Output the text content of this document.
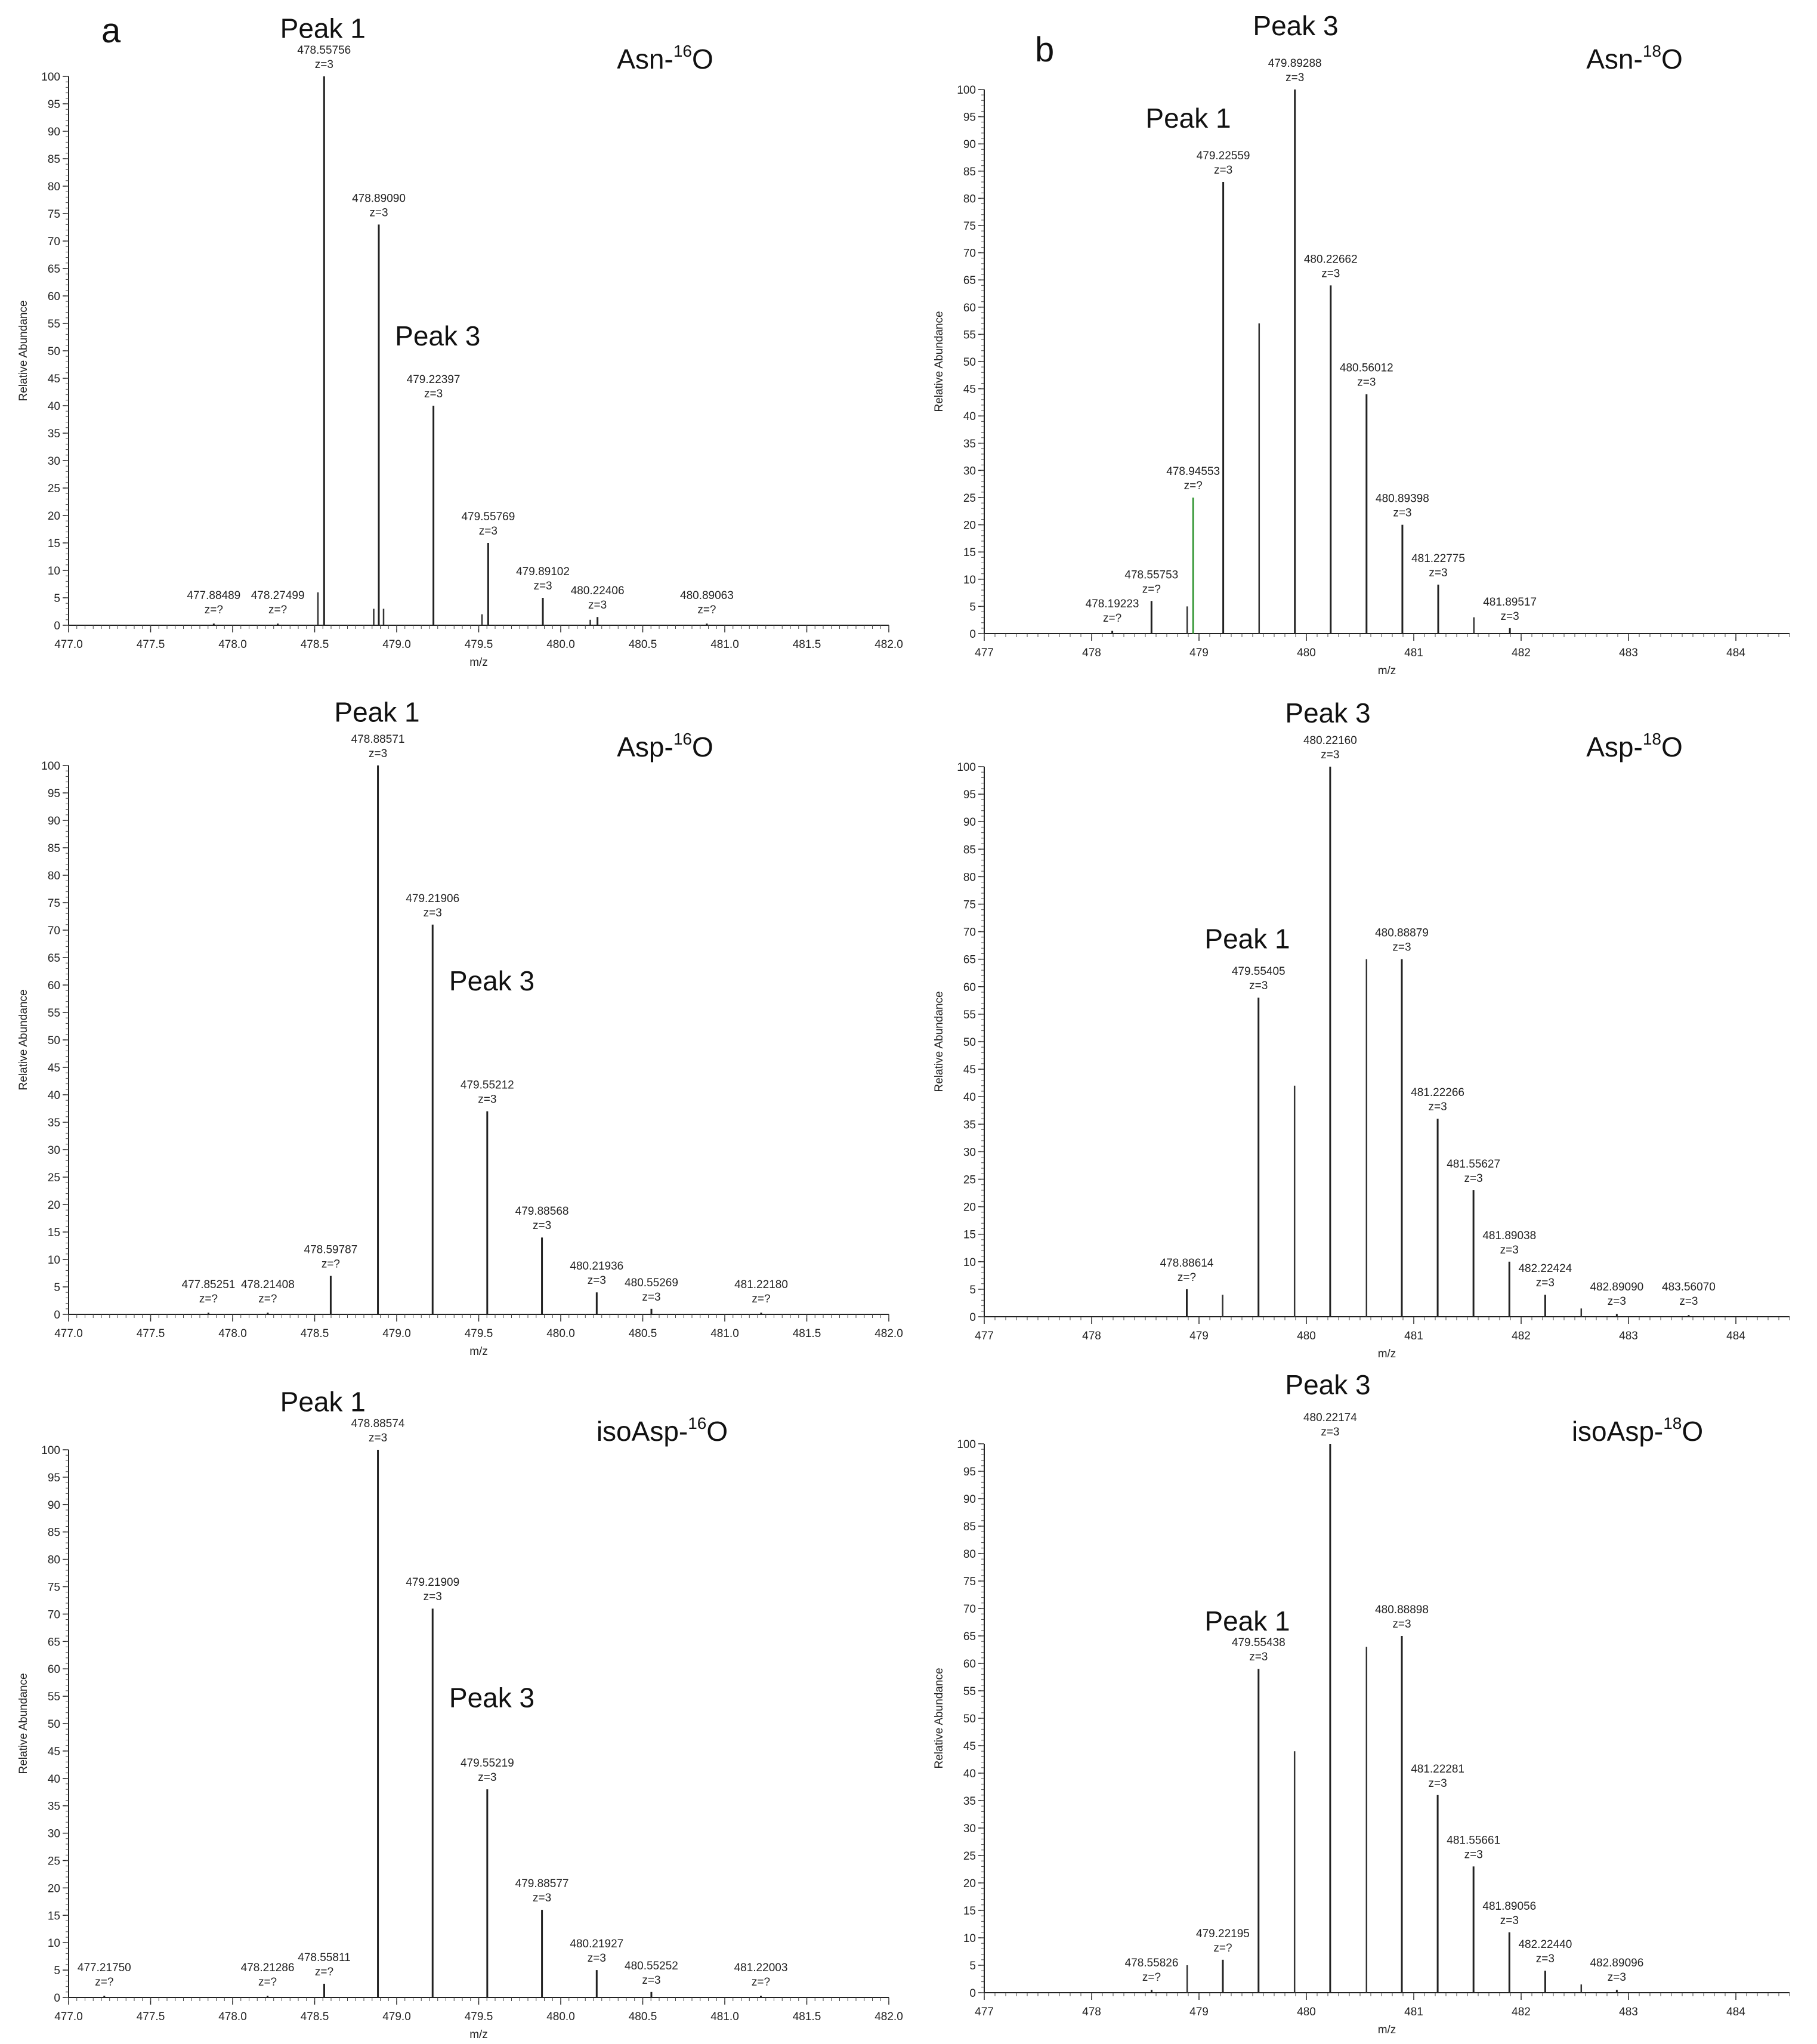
a	b
0
5
10
15
20
25
30
35
40
45
50
55
60
65
70
75
80
85
90
95
100
477.0	477.5	478.0	478.5	479.0	479.5	480.0	480.5	481.0	481.5	482.0
m/z
Relative Abundance
Asn-$^{16}$O
477.88489
z=?
478.27499
z=?
478.55756
z=3
478.89090
z=3
479.22397
z=3
479.55769
z=3
479.89102
z=3 480.22406
z=3
480.89063
z=?
Peak 1
Peak 3
0
5
10
15
20
25
30
35
40
45
50
55
60
65
70
75
80
85
90
95
100
477	478	479	480	481	482	483	484
m/z
Relative Abundance
Asn-$^{18}$O
478.19223
z=?
478.55753
z=?
478.94553
z=?
479.22559
z=3
479.89288
z=3
480.22662
z=3
480.56012
z=3
480.89398
z=3
481.22775
z=3
481.89517
z=3
Peak 1
Peak 3
0
5
10
15
20
25
30
35
40
45
50
55
60
65
70
75
80
85
90
95
100
477.0	477.5	478.0	478.5	479.0	479.5	480.0	480.5	481.0	481.5	482.0
m/z
Relative Abundance
Asp-$^{16}$O
477.85251
z=?
478.21408
z=?
478.59787
z=?
478.88571
z=3
479.21906
z=3
479.55212
z=3
479.88568
z=3
480.21936
z=3 480.55269
z=3
481.22180
z=?
Peak 1
Peak 3
0
5
10
15
20
25
30
35
40
45
50
55
60
65
70
75
80
85
90
95
100
477	478	479	480	481	482	483	484
m/z
Relative Abundance
Asp-$^{18}$O
478.88614
z=?
479.55405
z=3
480.22160
z=3
480.88879
z=3
481.22266
z=3
481.55627
z=3
481.89038
z=3
482.22424
z=3	482.89090
z=3
483.56070
z=3
Peak 1
Peak 3
0
5
10
15
20
25
30
35
40
45
50
55
60
65
70
75
80
85
90
95
100
477.0	477.5	478.0	478.5	479.0	479.5	480.0	480.5	481.0	481.5	482.0
m/z
Relative Abundance
isoAsp-$^{16}$O
477.21750
z=?
478.21286
z=?
478.55811
z=?
478.88574
z=3
479.21909
z=3
479.55219
z=3
479.88577
z=3
480.21927
z=3
480.55252
z=3
481.22003
z=?
Peak 1
Peak 3
0
5
10
15
20
25
30
35
40
45
50
55
60
65
70
75
80
85
90
95
100
477	478	479	480	481	482	483	484
m/z
Relative Abundance
isoAsp-$^{18}$O
478.55826
z=?
479.22195
z=?
479.55438
z=3
480.22174
z=3
480.88898
z=3
481.22281
z=3
481.55661
z=3
481.89056
z=3
482.22440
z=3	482.89096
z=3
Peak 1
Peak 3
